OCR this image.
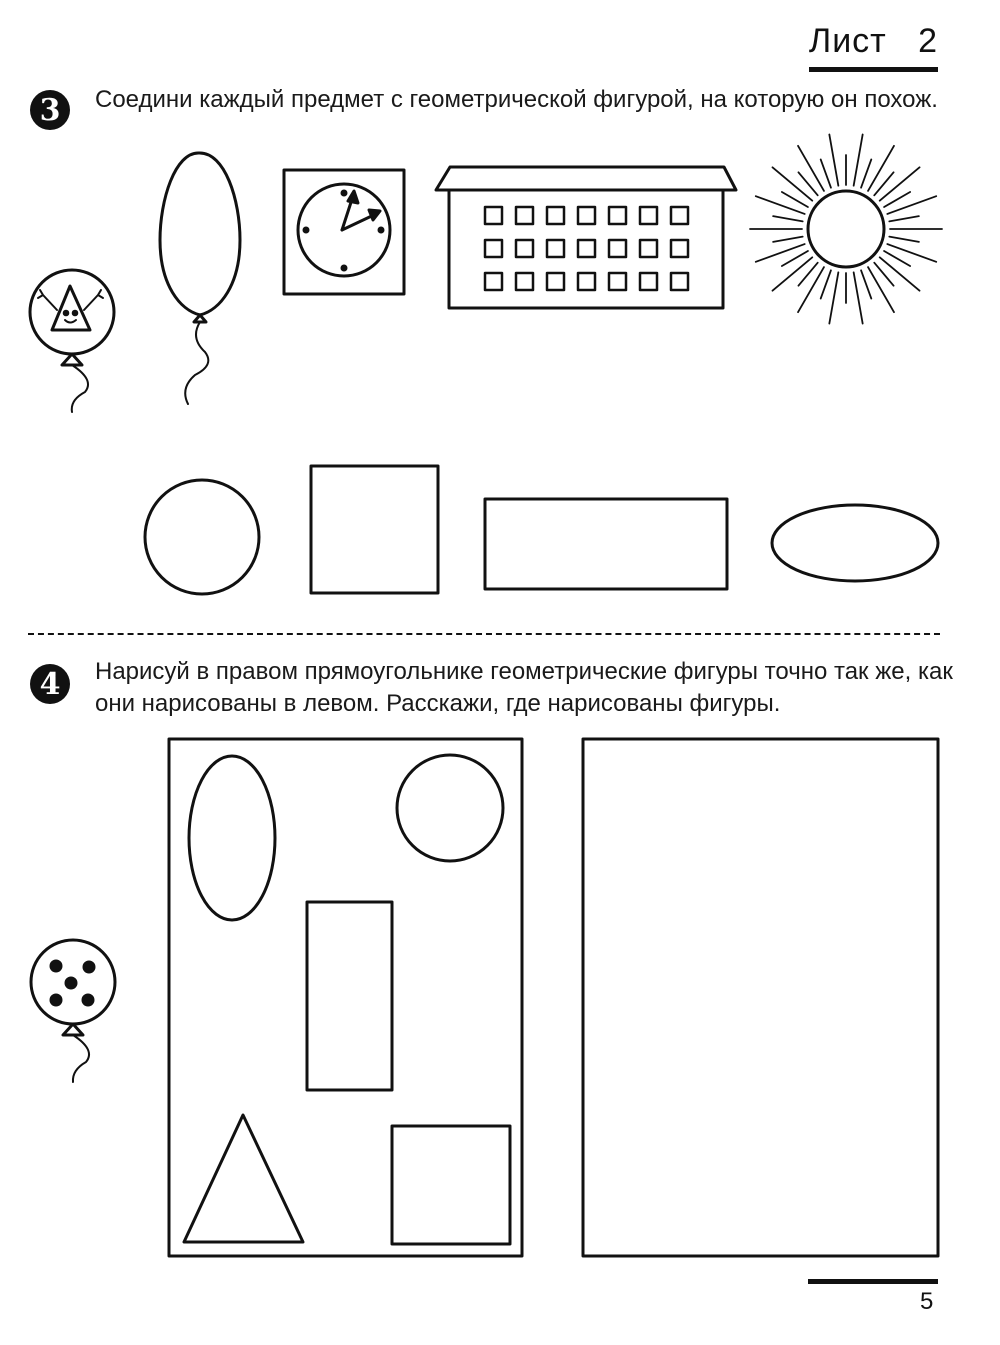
Лист   2
3	Соедини каждый предмет с геометрической фигурой, на которую он похож.
4	Нарисуй в правом прямоугольнике геометрические фигуры точно так же, как они нарисованы в левом. Расскажи, где нарисованы фигуры.
5
